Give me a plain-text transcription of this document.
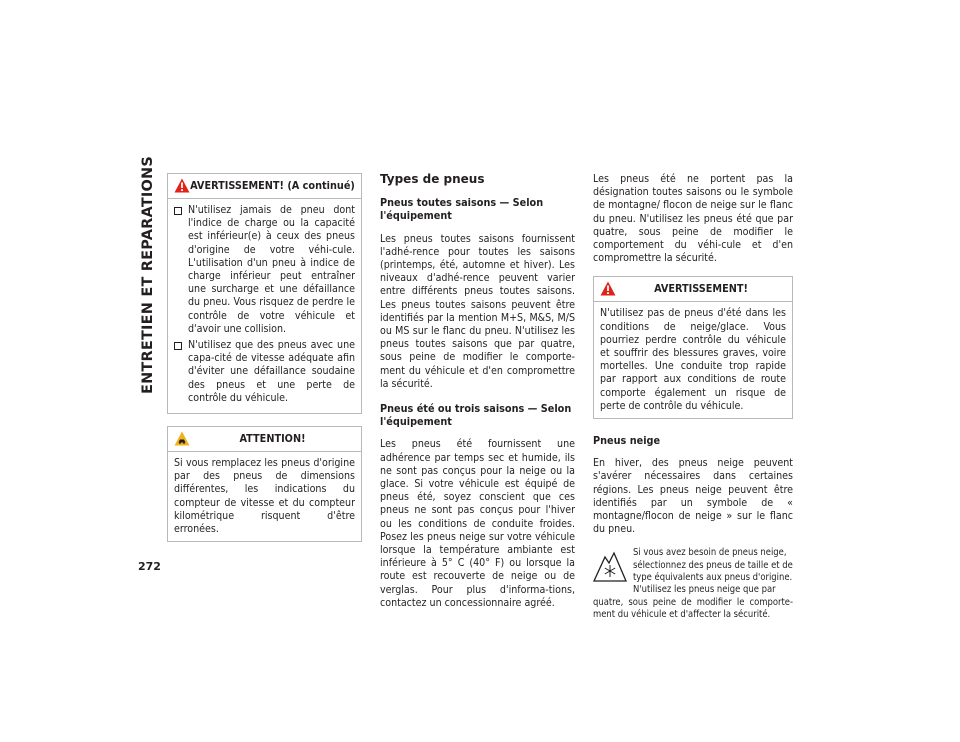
ENTRETIEN ET REPARATIONS
272
AVERTISSEMENT! (A continué)
N'utilisez jamais de pneu dont l'indice de charge ou la capacité est inférieur(e) à ceux des pneus d'origine de votre véhi-cule. L'utilisation d'un pneu à indice de charge inférieur peut entraîner une surcharge et une défaillance du pneu. Vous risquez de perdre le contrôle de votre véhicule et d'avoir une collision.
N'utilisez que des pneus avec une capa-cité de vitesse adéquate afin d'éviter une défaillance soudaine des pneus et une perte de contrôle du véhicule.
ATTENTION!
Si vous remplacez les pneus d'origine par des pneus de dimensions différentes, les indications du compteur de vitesse et du compteur kilométrique risquent d'être erronées.
Types de pneus
Pneus toutes saisons — Selon l'équipement

Les pneus toutes saisons fournissent l'adhé-rence pour toutes les saisons (printemps, été, automne et hiver). Les niveaux d'adhé-rence peuvent varier entre différents pneus toutes saisons. Les pneus toutes saisons peuvent être identifiés par la mention M+S, M&S, M/S ou MS sur le flanc du pneu. N'utilisez les pneus toutes saisons que par quatre, sous peine de modifier le comporte-ment du véhicule et d'en compromettre la sécurité.

Pneus été ou trois saisons — Selon l'équipement

Les pneus été fournissent une adhérence par temps sec et humide, ils ne sont pas conçus pour la neige ou la glace. Si votre véhicule est équipé de pneus été, soyez conscient que ces pneus ne sont pas conçus pour l'hiver ou les conditions de conduite froides. Posez les pneus neige sur votre véhicule lorsque la température ambiante est inférieure à 5° C (40° F) ou lorsque la route est recouverte de neige ou de verglas. Pour plus d'informa-tions, contactez un concessionnaire agréé.

Les pneus été ne portent pas la désignation toutes saisons ou le symbole de montagne/ flocon de neige sur le flanc du pneu. N'utilisez les pneus été que par quatre, sous peine de modifier le comportement du véhi-cule et d'en compromettre la sécurité.

AVERTISSEMENT!
N'utilisez pas de pneus d'été dans les conditions de neige/glace. Vous pourriez perdre contrôle du véhicule et souffrir des blessures graves, voire mortelles. Une conduite trop rapide par rapport aux conditions de route comporte également un risque de perte de contrôle du véhicule.
Pneus neige

En hiver, des pneus neige peuvent s'avérer nécessaires dans certaines régions. Les pneus neige peuvent être identifiés par un symbole de « montagne/flocon de neige » sur le flanc du pneu.

Si vous avez besoin de pneus neige,
sélectionnez des pneus de taille et de
type équivalents aux pneus d'origine.
N'utilisez les pneus neige que par
quatre, sous peine de modifier le comporte-ment du véhicule et d'affecter la sécurité.
